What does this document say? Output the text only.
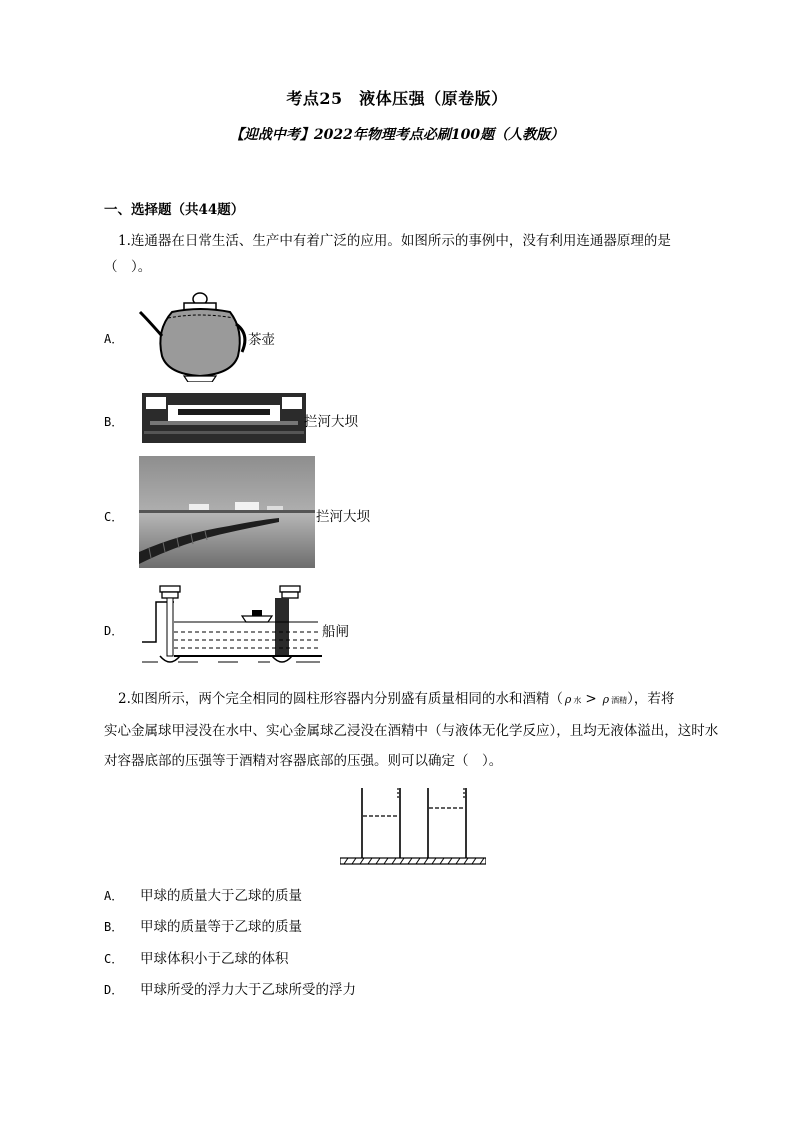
考点25　液体压强（原卷版）
【迎战中考】2022年物理考点必刷100题（人教版）
一、选择题（共44题）
1.连通器在日常生活、生产中有着广泛的应用。如图所示的事例中，没有利用连通器原理的是
（　）。
A．	茶壶
B．	拦河大坝
C．	拦河大坝
D．	船闸
2.如图所示，两个完全相同的圆柱形容器内分别盛有质量相同的水和酒精（ ρ 水 > ρ 酒精），若将
实心金属球甲浸没在水中、实心金属球乙浸没在酒精中（与液体无化学反应），且均无液体溢出，这时水
对容器底部的压强等于酒精对容器底部的压强。则可以确定（　）。
A． 甲球的质量大于乙球的质量
B． 甲球的质量等于乙球的质量
C． 甲球体积小于乙球的体积
D． 甲球所受的浮力大于乙球所受的浮力
